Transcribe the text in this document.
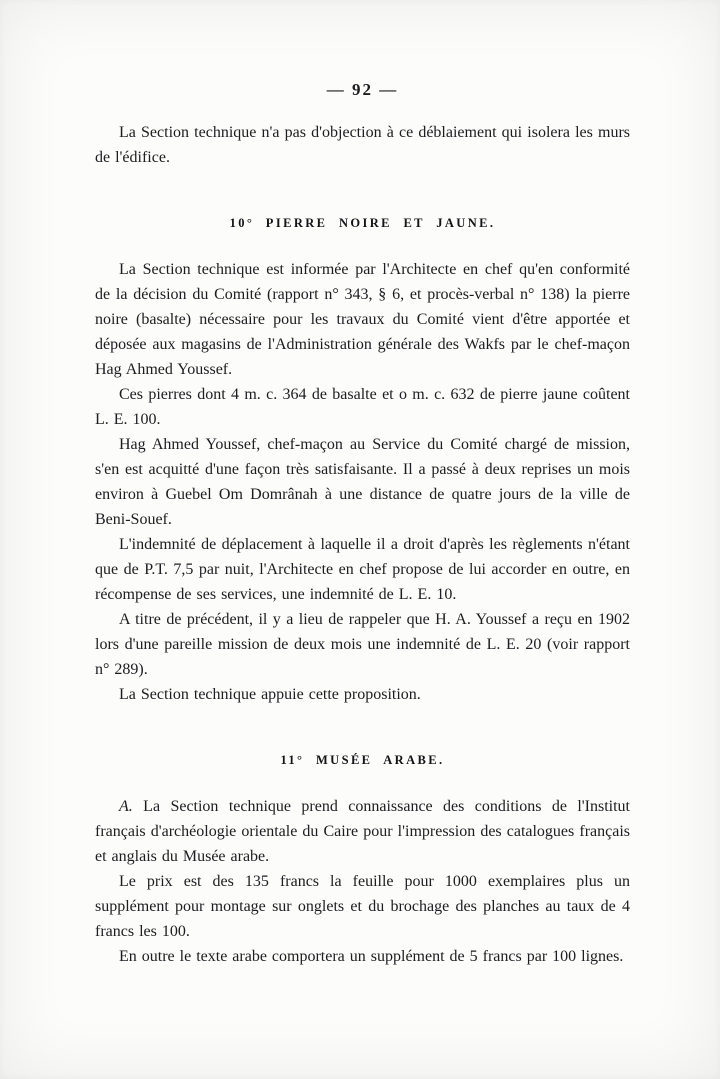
— 92 —

La Section technique n'a pas d'objection à ce déblaiement qui isolera les murs de l'édifice.

10° PIERRE NOIRE ET JAUNE.

La Section technique est informée par l'Architecte en chef qu'en conformité de la décision du Comité (rapport n° 343, § 6, et procès-verbal n° 138) la pierre noire (basalte) nécessaire pour les travaux du Comité vient d'être apportée et déposée aux magasins de l'Administration générale des Wakfs par le chef-maçon Hag Ahmed Youssef.

Ces pierres dont 4 m. c. 364 de basalte et o m. c. 632 de pierre jaune coûtent L. E. 100.

Hag Ahmed Youssef, chef-maçon au Service du Comité chargé de mission, s'en est acquitté d'une façon très satisfaisante. Il a passé à deux reprises un mois environ à Guebel Om Domrânah à une distance de quatre jours de la ville de Beni-Souef.

L'indemnité de déplacement à laquelle il a droit d'après les règlements n'étant que de P.T. 7,5 par nuit, l'Architecte en chef propose de lui accorder en outre, en récompense de ses services, une indemnité de L. E. 10.

A titre de précédent, il y a lieu de rappeler que H. A. Youssef a reçu en 1902 lors d'une pareille mission de deux mois une indemnité de L. E. 20 (voir rapport n° 289).

La Section technique appuie cette proposition.

11° MUSÉE ARABE.

A. La Section technique prend connaissance des conditions de l'Institut français d'archéologie orientale du Caire pour l'impression des catalogues français et anglais du Musée arabe.

Le prix est des 135 francs la feuille pour 1000 exemplaires plus un supplément pour montage sur onglets et du brochage des planches au taux de 4 francs les 100.

En outre le texte arabe comportera un supplément de 5 francs par 100 lignes.
